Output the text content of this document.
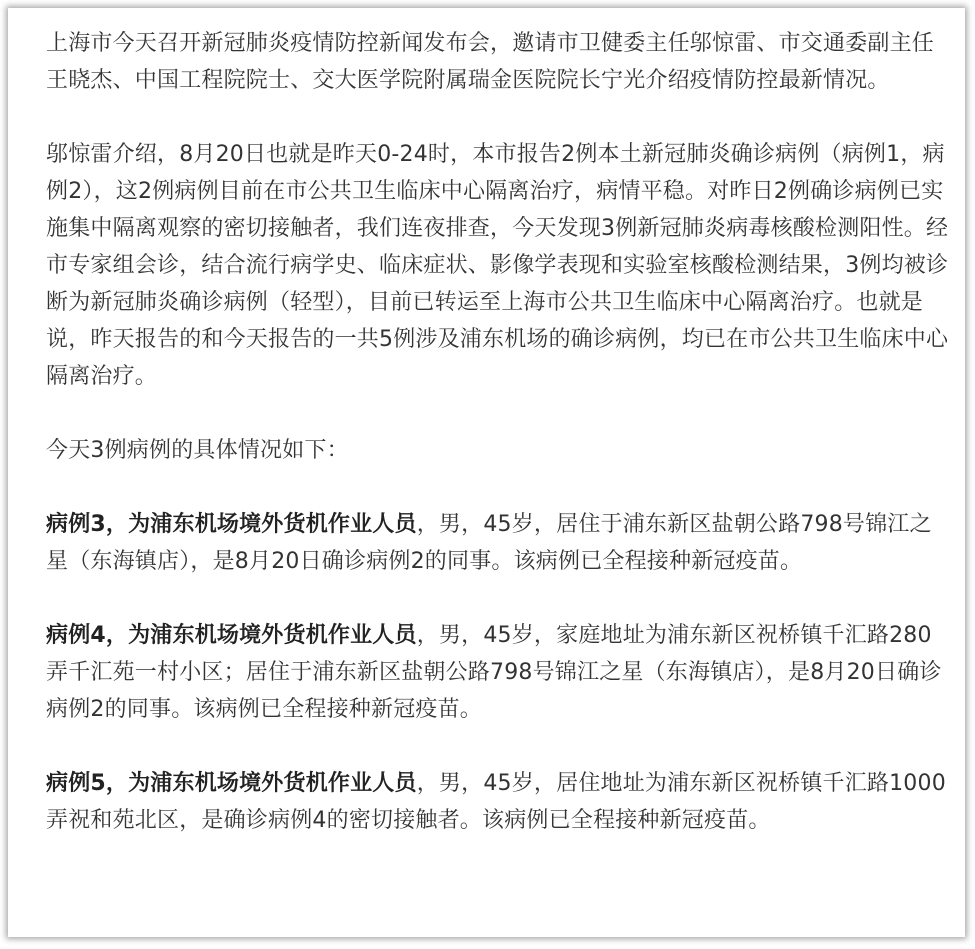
上海市今天召开新冠肺炎疫情防控新闻发布会，邀请市卫健委主任邬惊雷、市交通委副主任王晓杰、中国工程院院士、交大医学院附属瑞金医院院长宁光介绍疫情防控最新情况。

邬惊雷介绍，8月20日也就是昨天0-24时，本市报告2例本土新冠肺炎确诊病例（病例1，病例2），这2例病例目前在市公共卫生临床中心隔离治疗，病情平稳。对昨日2例确诊病例已实施集中隔离观察的密切接触者，我们连夜排查，今天发现3例新冠肺炎病毒核酸检测阳性。经市专家组会诊，结合流行病学史、临床症状、影像学表现和实验室核酸检测结果，3例均被诊断为新冠肺炎确诊病例（轻型），目前已转运至上海市公共卫生临床中心隔离治疗。也就是说，昨天报告的和今天报告的一共5例涉及浦东机场的确诊病例，均已在市公共卫生临床中心隔离治疗。

今天3例病例的具体情况如下：

病例3，为浦东机场境外货机作业人员，男，45岁，居住于浦东新区盐朝公路798号锦江之星（东海镇店），是8月20日确诊病例2的同事。该病例已全程接种新冠疫苗。

病例4，为浦东机场境外货机作业人员，男，45岁，家庭地址为浦东新区祝桥镇千汇路280弄千汇苑一村小区；居住于浦东新区盐朝公路798号锦江之星（东海镇店），是8月20日确诊病例2的同事。该病例已全程接种新冠疫苗。

病例5，为浦东机场境外货机作业人员，男，45岁，居住地址为浦东新区祝桥镇千汇路1000弄祝和苑北区，是确诊病例4的密切接触者。该病例已全程接种新冠疫苗。
